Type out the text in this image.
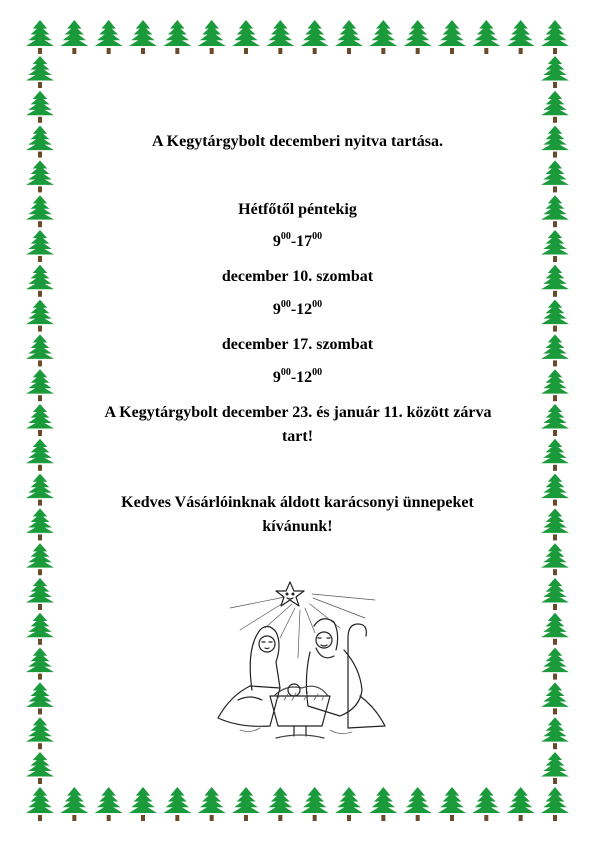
A Kegytárgybolt decemberi nyitva tartása.

Hétfőtől péntekig

$9^{00}-17^{00}$

december 10. szombat

$9^{00}-12^{00}$

december 17. szombat

$9^{00}-12^{00}$

A Kegytárgybolt december 23. és január 11. között zárva

tart!

Kedves Vásárlóinknak áldott karácsonyi ünnepeket

kívánunk!
